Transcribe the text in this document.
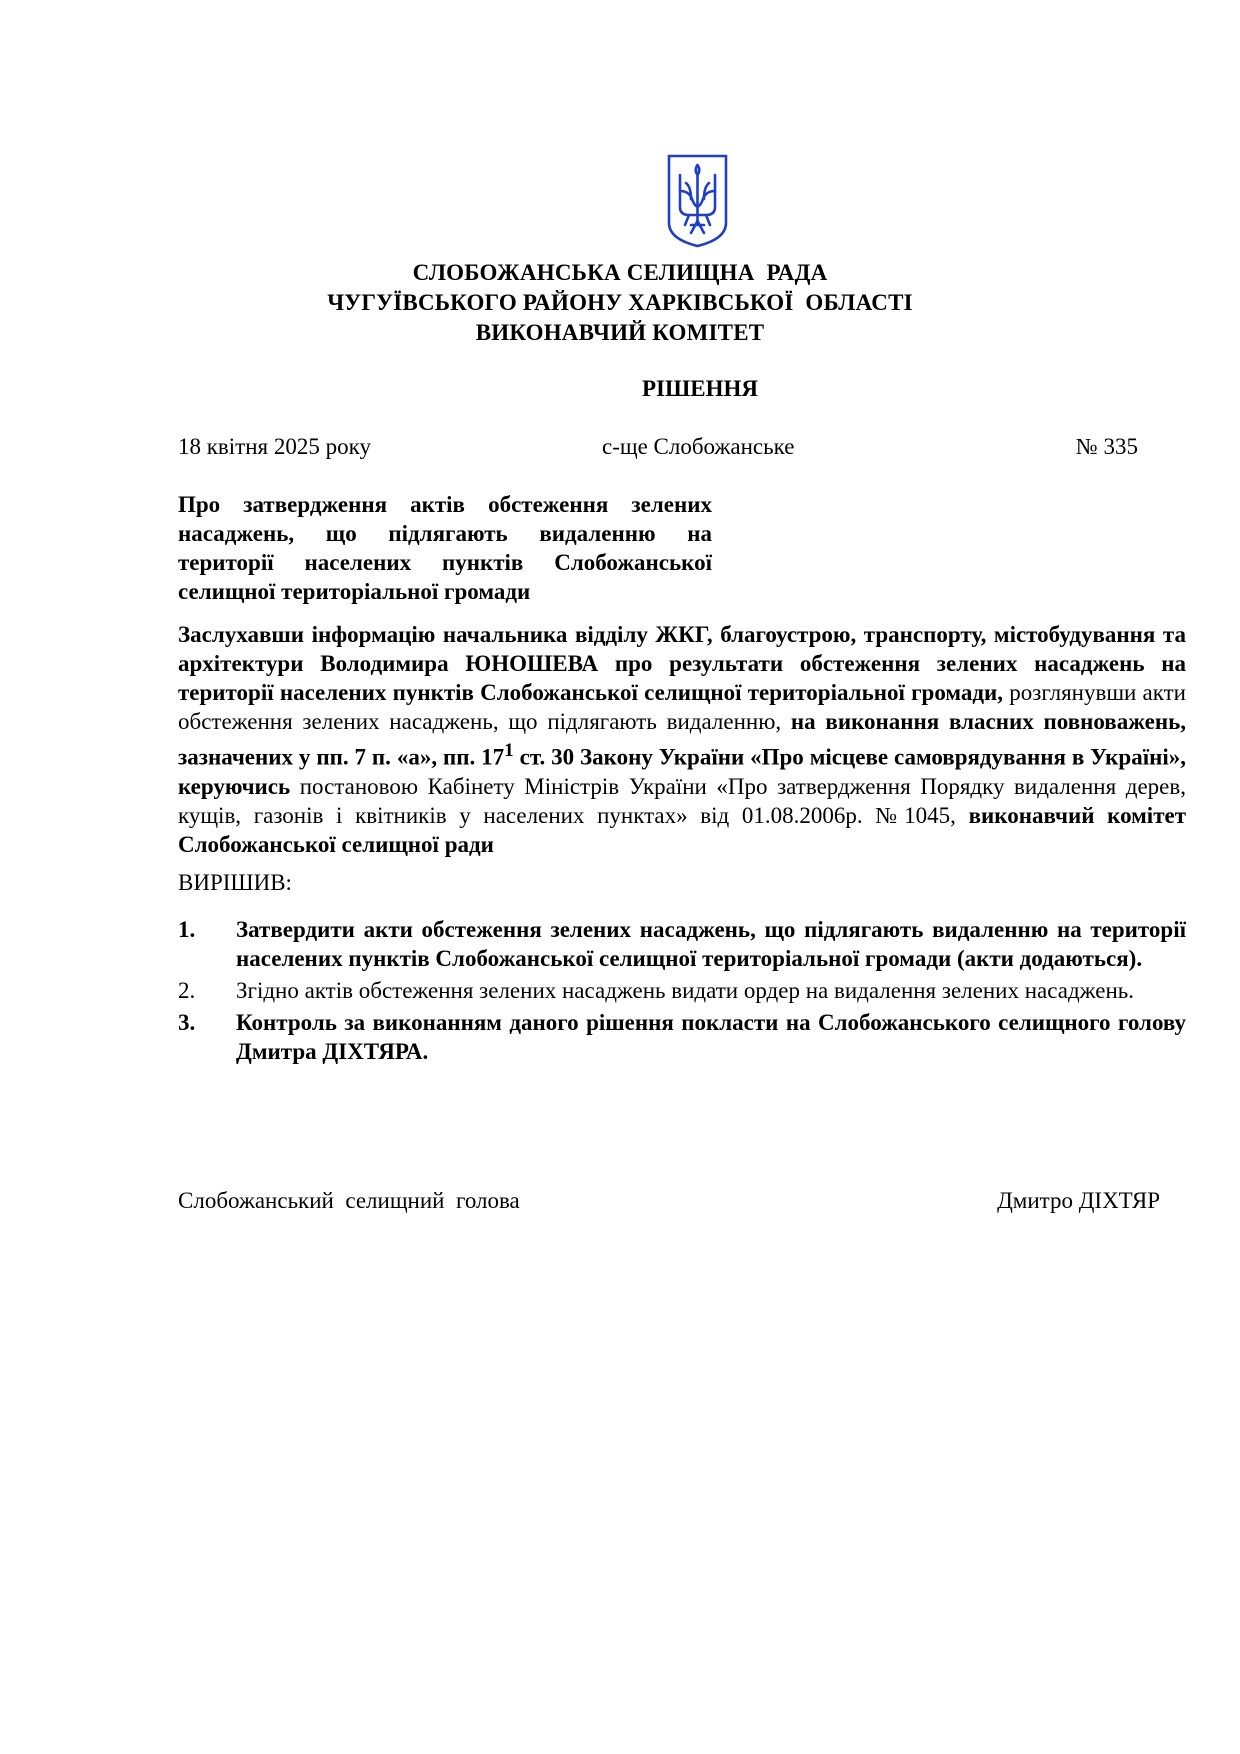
СЛОБОЖАНСЬКА СЕЛИЩНА  РАДА
ЧУГУЇВСЬКОГО РАЙОНУ ХАРКІВСЬКОЇ  ОБЛАСТІ
ВИКОНАВЧИЙ КОМІТЕТ
РІШЕННЯ
18 квітня 2025 року	с-ще Слобожанське	№ 335
Про затвердження актів обстеження зелених
насаджень, що підлягають видаленню на
території населених пунктів Слобожанської
селищної територіальної громади
Заслухавши інформацію начальника відділу ЖКГ, благоустрою, транспорту, містобудування та архітектури Володимира ЮНОШЕВА про результати обстеження зелених насаджень на території населених пунктів Слобожанської селищної територіальної громади, розглянувши акти обстеження зелених насаджень, що підлягають видаленню, на виконання власних повноважень, зазначених у пп. 7 п. «а», пп. $17^1$ ст. 30 Закону України «Про місцеве самоврядування в Україні», керуючись постановою Кабінету Міністрів України «Про затвердження Порядку видалення дерев, кущів, газонів і квітників у населених пунктах» від 01.08.2006р. №1045, виконавчий комітет Слобожанської селищної ради
ВИРІШИВ:
1. Затвердити акти обстеження зелених насаджень, що підлягають видаленню на території населених пунктів Слобожанської селищної територіальної громади (акти додаються).
2. Згідно актів обстеження зелених насаджень видати ордер на видалення зелених насаджень.
3. Контроль за виконанням даного рішення покласти на Слобожанського селищного голову Дмитра ДІХТЯРА.
Слобожанський  селищний  голова	Дмитро ДІХТЯР
